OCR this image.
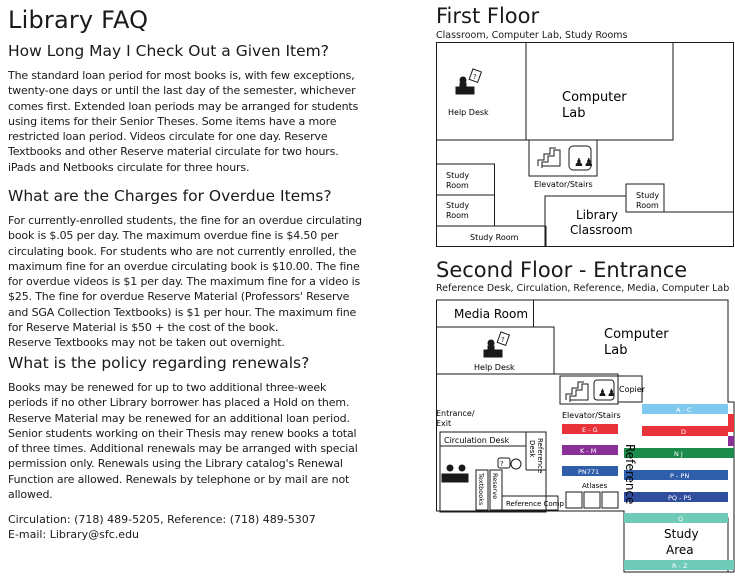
Library FAQ
How Long May I Check Out a Given Item?

The standard loan period for most books is, with few exceptions,
twenty-one days or until the last day of the semester, whichever
comes first. Extended loan periods may be arranged for students
using items for their Senior Theses. Some items have a more
restricted loan period. Videos circulate for one day. Reserve
Textbooks and other Reserve material circulate for two hours.
iPads and Netbooks circulate for three hours.

What are the Charges for Overdue Items?

For currently-enrolled students, the fine for an overdue circulating
book is $.05 per day. The maximum overdue fine is $4.50 per
circulating book. For students who are not currently enrolled, the
maximum fine for an overdue circulating book is $10.00. The fine
for overdue videos is $1 per day. The maximum fine for a video is
$25. The fine for overdue Reserve Material (Professors' Reserve
and SGA Collection Textbooks) is $1 per hour. The maximum fine
for Reserve Material is $50 + the cost of the book.
Reserve Textbooks may not be taken out overnight.

What is the policy regarding renewals?

Books may be renewed for up to two additional three-week
periods if no other Library borrower has placed a Hold on them.
Reserve Material may be renewed for an additional loan period.
Senior students working on their Thesis may renew books a total
of three times. Additional renewals may be arranged with special
permission only. Renewals using the Library catalog's Renewal
Function are allowed. Renewals by telephone or by mail are not
allowed.

Circulation: (718) 489-5205, Reference: (718) 489-5307
E-mail: Library@sfc.edu
First Floor
Classroom, Computer Lab, Study Rooms
?
♟♟
Computer
Lab
Help Desk
Study
Room
Study
Room
Study
Room
Study Room
Elevator/Stairs
Library
Classroom
Second Floor - Entrance
Reference Desk, Circulation, Reference, Media, Computer Lab
?
?
♟♟
A - C
D
N J
P - PN
PQ - PS
Q
R - Z
E - G
K - M
PN771
Media Room
Computer
Lab
Help Desk
Copier
Entrance/
Exit
Elevator/Stairs
Circulation Desk	Reference
Desk	Reference
Textbooks Reserve
Reference Comp
Atlases
Study
Area
